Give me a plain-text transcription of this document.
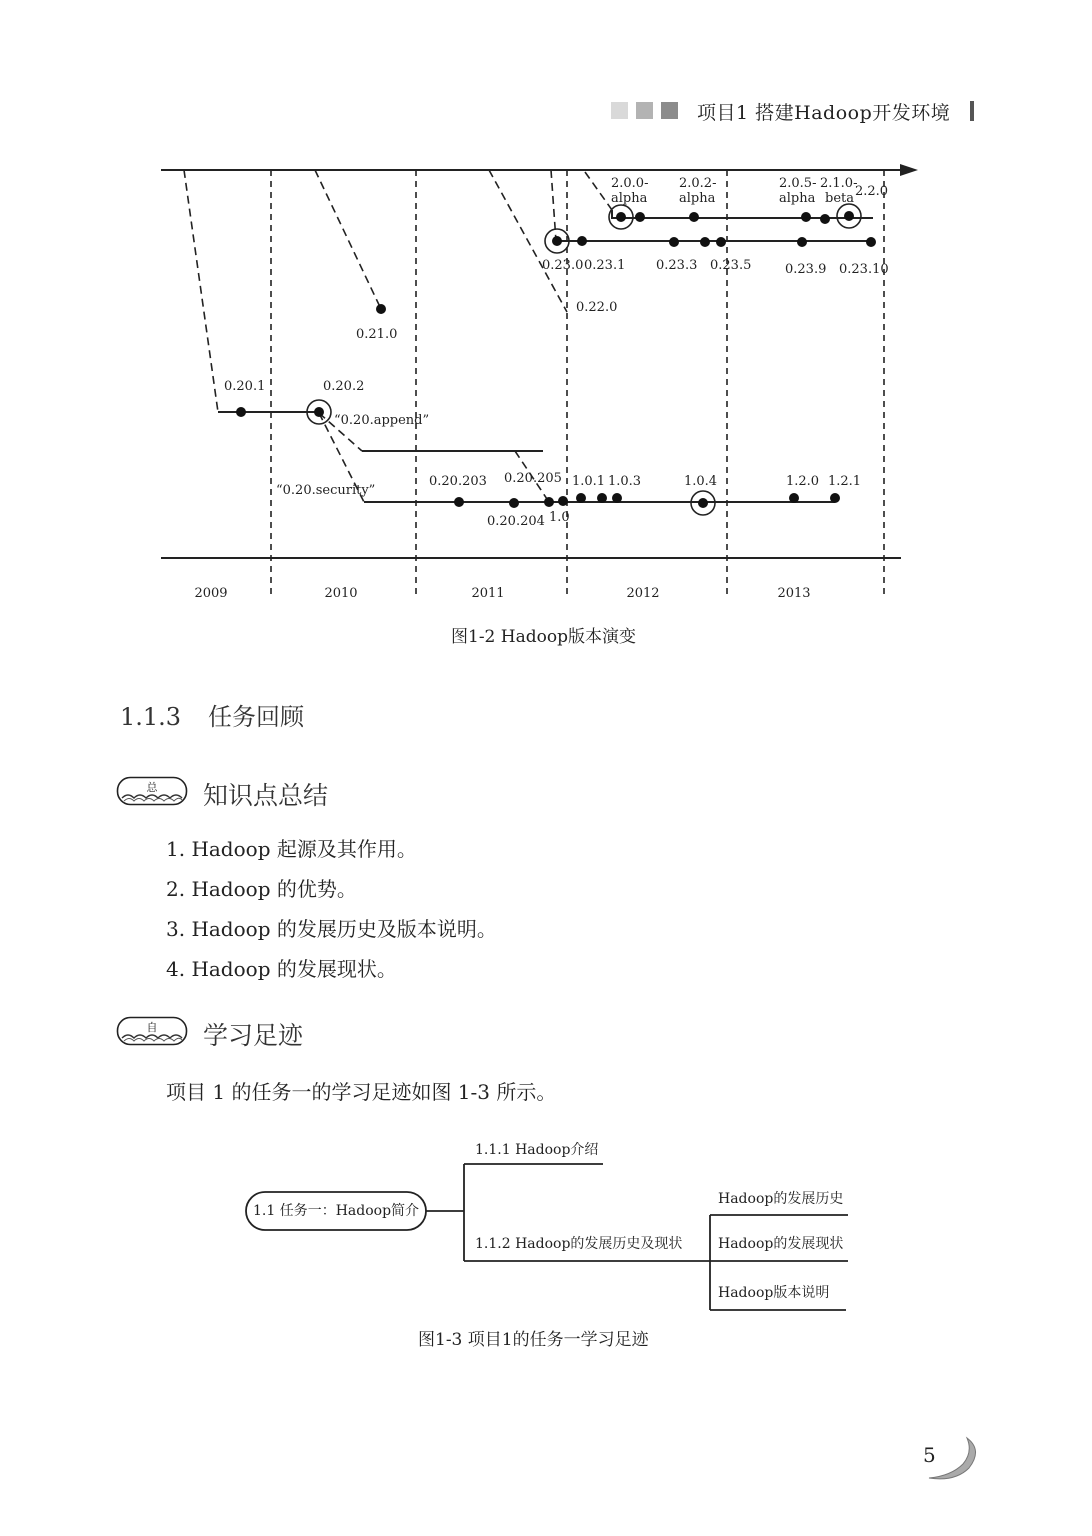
项目1 搭建Hadoop开发环境
2.0.0-
alpha
2.0.2-
alpha
2.0.5-
alpha
2.1.0-
beta 2.2.0
0.23.0 0.23.1 0.23.3 0.23.5	0.23.9 0.23.10
0.22.0
0.21.0
0.20.1	0.20.2
“0.20.append”
“0.20.security”
0.20.203
0.20.204
0.20.205
1.0
1.0.1 1.0.3	1.0.4	1.2.0 1.2.1
2009	2010	2011	2012	2013
图1-2 Hadoop版本演变
1.1.3 任务回顾
总 知识点总结
1. Hadoop 起源及其作用。
2. Hadoop 的优势。
3. Hadoop 的发展历史及版本说明。
4. Hadoop 的发展现状。
自 学习足迹
项目 1 的任务一的学习足迹如图 1-3 所示。
1.1 任务一：Hadoop简介
1.1.1 Hadoop介绍
1.1.2 Hadoop的发展历史及现状
Hadoop的发展历史
Hadoop的发展现状
Hadoop版本说明
图1-3 项目1的任务一学习足迹
5
